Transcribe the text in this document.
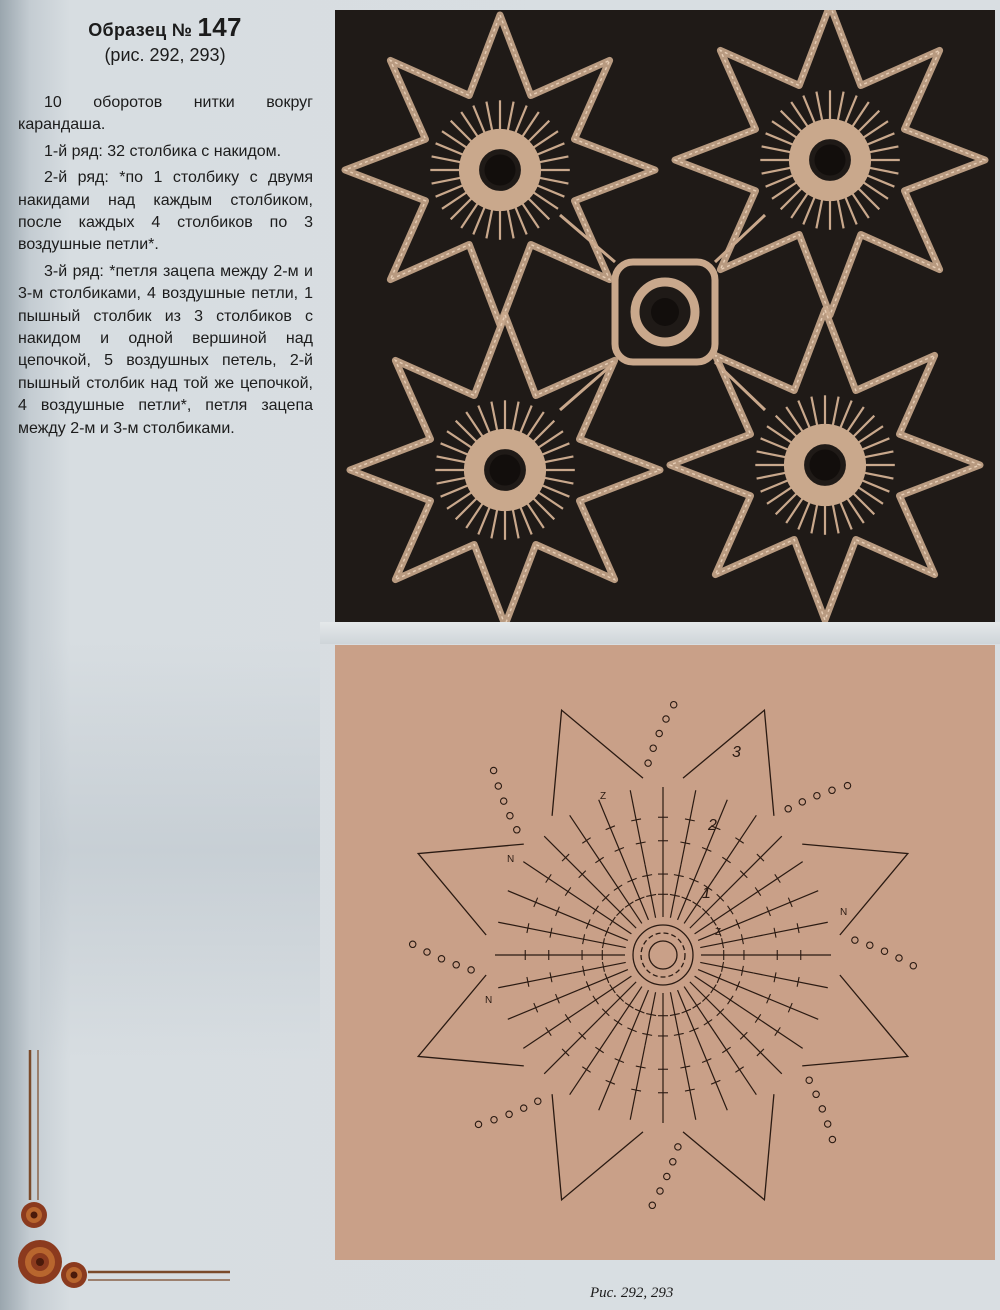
Образец № 147
(рис. 292, 293)

10 оборотов нитки вокруг карандаша.

1-й ряд: 32 столбика с накидом.

2-й ряд: *по 1 столбику с двумя накидами над каждым столбиком, после каждых 4 столбиков по 3 воздушные петли*.

3-й ряд: *петля зацепа между 2-м и 3-м столбиками, 4 воздушные петли, 1 пышный столбик из 3 столбиков с накидом и одной вершиной над цепочкой, 5 воздушных петель, 2-й пышный столбик над той же цепочкой, 4 воздушные петли*, петля зацепа между 2-м и 3-м столбиками.

N
N
N
Z
Z
1
2
3
Рис. 292, 293
